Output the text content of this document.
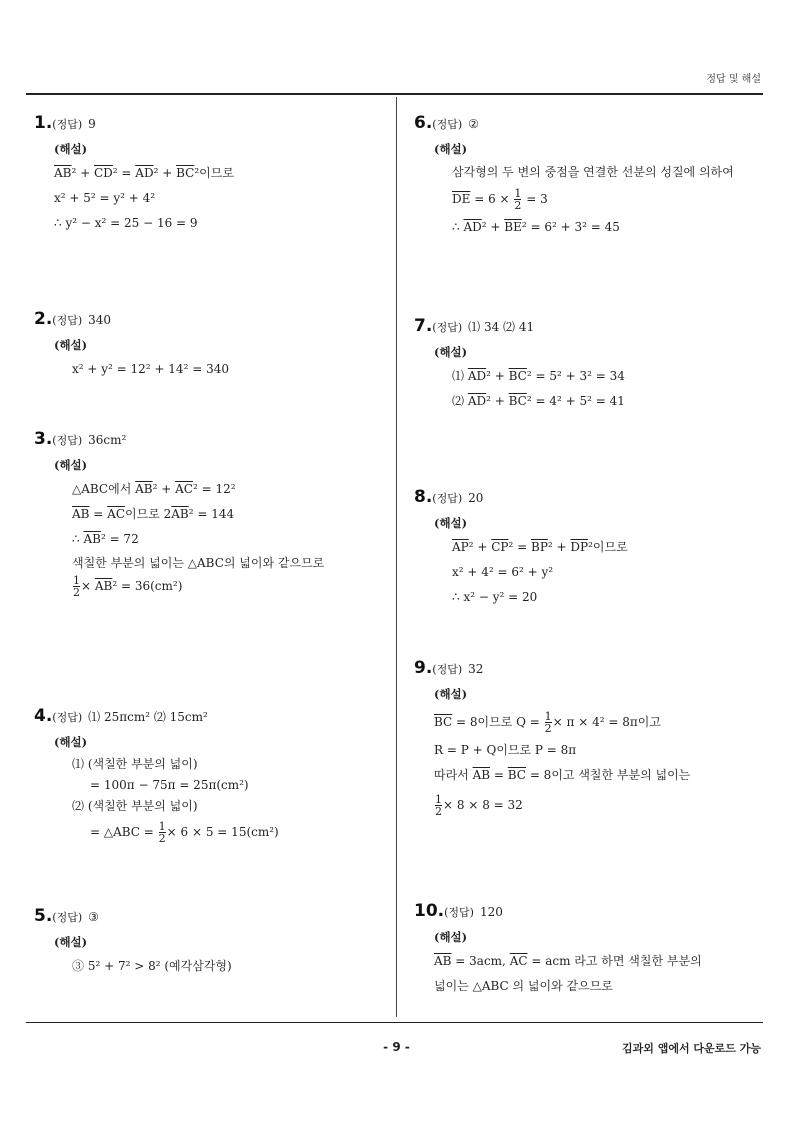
정답 및 해설
1. (정답) 9
(해설)
$\overline{AB}^2 + \overline{CD}^2 = \overline{AD}^2 + \overline{BC}^2$이므로
x² + 5² = y² + 4²
∴ y² − x² = 25 − 16 = 9
2. (정답) 340
(해설)
x² + y² = 12² + 14² = 340
3. (정답) 36cm²
(해설)
△ABC에서 $\overline{AB}^2 + \overline{AC}^2 = 12^2$
$\overline{AB} = \overline{AC}$이므로 $2\overline{AB}^2 = 144$
∴ $\overline{AB}^2 = 72$
색칠한 부분의 넓이는 △ABC의 넓이와 같으므로
$\frac{1}{2} \times \overline{AB}^2 = 36(cm^2)$
4. (정답) ⑴ 25πcm² ⑵ 15cm²
(해설)
⑴ (색칠한 부분의 넓이)
= 100π − 75π = 25π(cm²)
⑵ (색칠한 부분의 넓이)
= △ABC = $\frac{1}{2} \times 6 \times 5 = 15(cm^2)$
5. (정답) ③
(해설)
③ 5² + 7² > 8² (예각삼각형)
6. (정답) ②
(해설)
삼각형의 두 변의 중점을 연결한 선분의 성질에 의하여
$\overline{DE} = 6 \times \frac{1}{2} = 3$
∴ $\overline{AD}^2 + \overline{BE}^2 = 6^2 + 3^2 = 45$
7. (정답) ⑴ 34 ⑵ 41
(해설)
⑴ $\overline{AD}^2 + \overline{BC}^2 = 5^2 + 3^2 = 34$
⑵ $\overline{AD}^2 + \overline{BC}^2 = 4^2 + 5^2 = 41$
8. (정답) 20
(해설)
$\overline{AP}^2 + \overline{CP}^2 = \overline{BP}^2 + \overline{DP}^2$이므로
x² + 4² = 6² + y²
∴ x² − y² = 20
9. (정답) 32
(해설)
$\overline{BC} = 8$이므로 $Q = \frac{1}{2} \times \pi \times 4^2 = 8\pi$이고
R = P + Q이므로 P = 8π
따라서 $\overline{AB} = \overline{BC} = 8$이고 색칠한 부분의 넓이는
$\frac{1}{2} \times 8 \times 8 = 32$
10. (정답) 120
(해설)
$\overline{AB} = 3acm$, $\overline{AC}$ = acm 라고 하면 색칠한 부분의
넓이는 △ABC 의 넓이와 같으므로
- 9 -	김과외 앱에서 다운로드 가능
